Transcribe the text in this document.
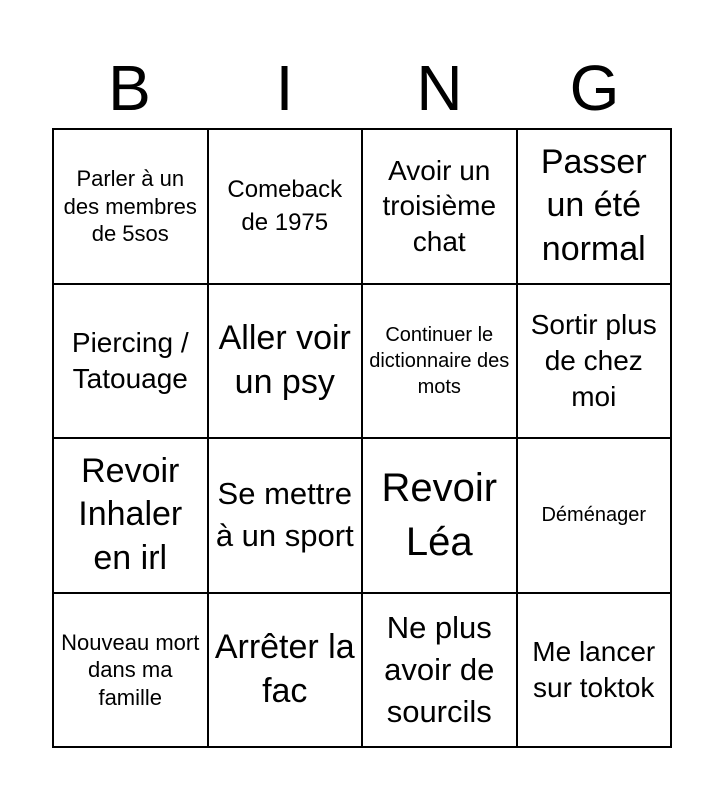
B	I	N	G
Parler à un des membres de 5sos
Comeback de 1975
Avoir un troisième chat
Passer un été normal
Piercing / Tatouage
Aller voir un psy
Continuer le dictionnaire des mots
Sortir plus de chez moi
Revoir Inhaler en irl
Se mettre à un sport
Revoir Léa
Déménager
Nouveau mort dans ma famille
Arrêter la fac
Ne plus avoir de sourcils
Me lancer sur toktok
